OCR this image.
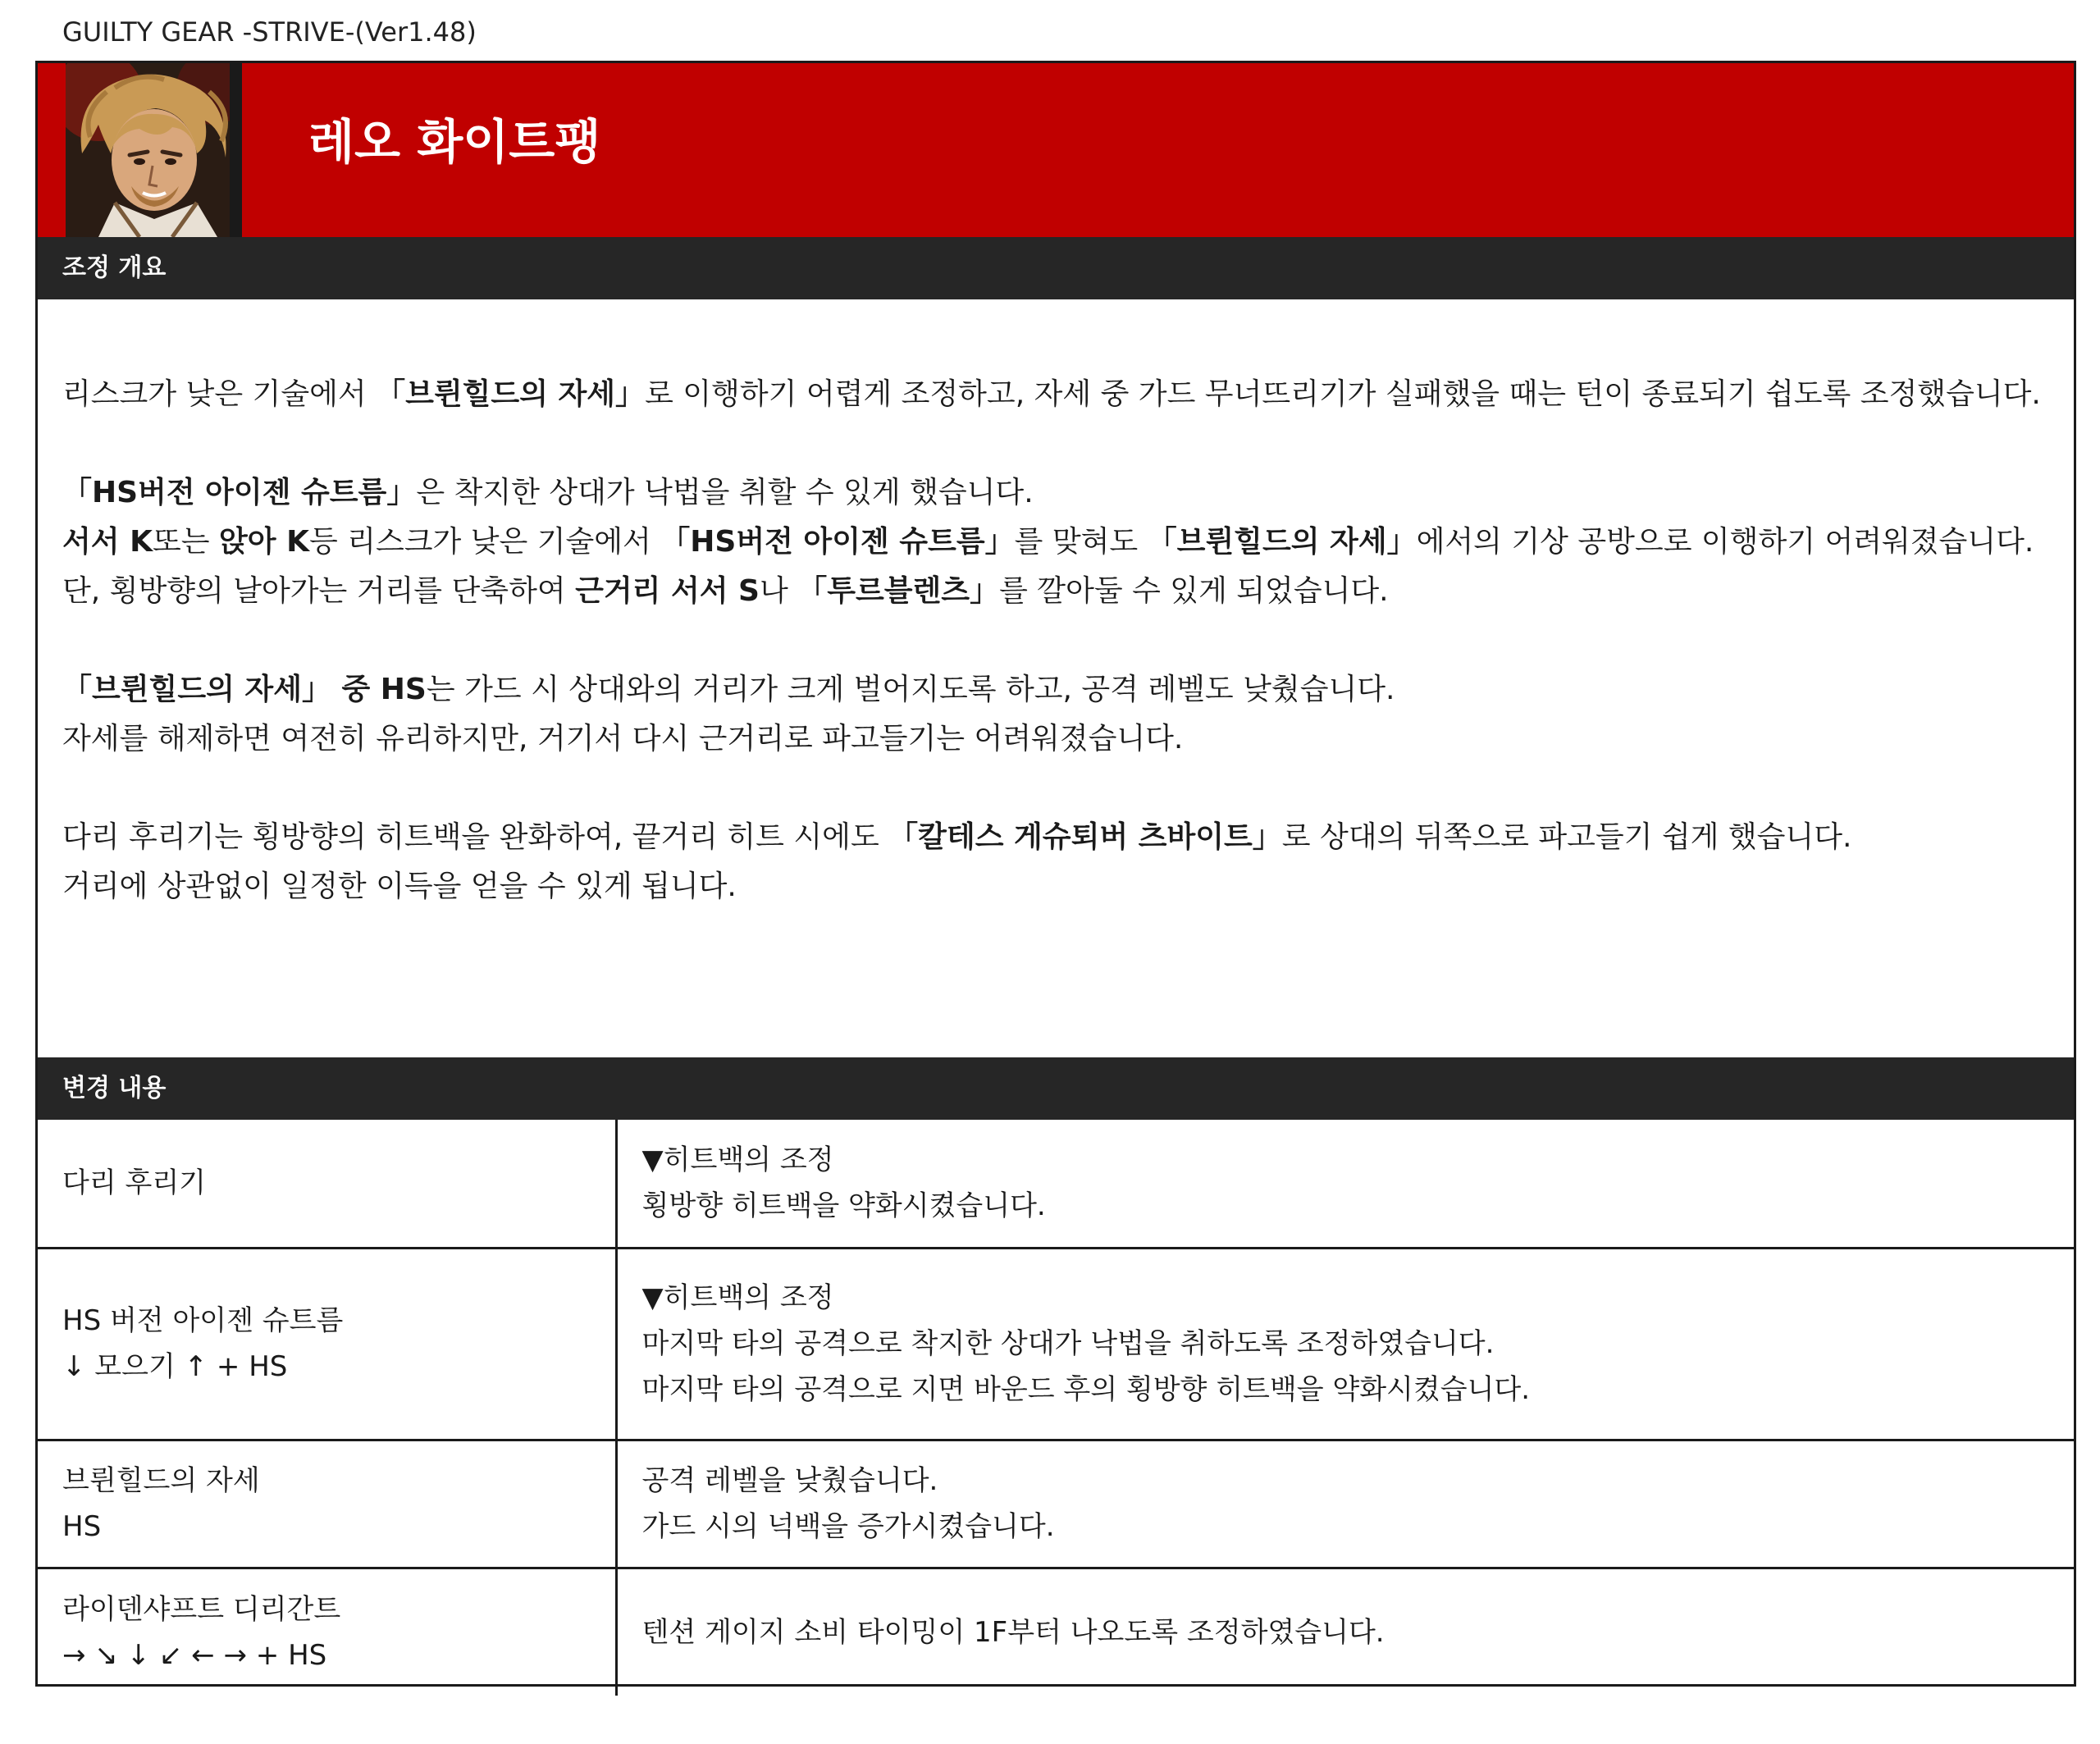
GUILTY GEAR -STRIVE-(Ver1.48)
레오 화이트팽
조정 개요

리스크가 낮은 기술에서 「브륀힐드의 자세」로 이행하기 어렵게 조정하고, 자세 중 가드 무너뜨리기가 실패했을 때는 턴이 종료되기 쉽도록 조정했습니다.

「HS버전 아이젠 슈트름」은 착지한 상대가 낙법을 취할 수 있게 했습니다.

서서 K또는 앉아 K등 리스크가 낮은 기술에서 「HS버전 아이젠 슈트름」를 맞혀도 「브륀힐드의 자세」에서의 기상 공방으로 이행하기 어려워졌습니다.

단, 횡방향의 날아가는 거리를 단축하여 근거리 서서 S나 「투르블렌츠」를 깔아둘 수 있게 되었습니다.

「브륀힐드의 자세」 중 HS는 가드 시 상대와의 거리가 크게 벌어지도록 하고, 공격 레벨도 낮췄습니다.

자세를 해제하면 여전히 유리하지만, 거기서 다시 근거리로 파고들기는 어려워졌습니다.

다리 후리기는 횡방향의 히트백을 완화하여, 끝거리 히트 시에도 「칼테스 게슈퇴버 츠바이트」로 상대의 뒤쪽으로 파고들기 쉽게 했습니다.

거리에 상관없이 일정한 이득을 얻을 수 있게 됩니다.

변경 내용
다리 후리기	▼히트백의 조정
횡방향 히트백을 약화시켰습니다.

HS 버전 아이젠 슈트름
↓ 모으기 ↑ + HS	▼히트백의 조정
마지막 타의 공격으로 착지한 상대가 낙법을 취하도록 조정하였습니다.
마지막 타의 공격으로 지면 바운드 후의 횡방향 히트백을 약화시켰습니다.

브륀힐드의 자세
HS	공격 레벨을 낮췄습니다.
가드 시의 넉백을 증가시켰습니다.

라이덴샤프트 디리간트
→ ↘ ↓ ↙ ← → + HS	텐션 게이지 소비 타이밍이 1F부터 나오도록 조정하였습니다.
